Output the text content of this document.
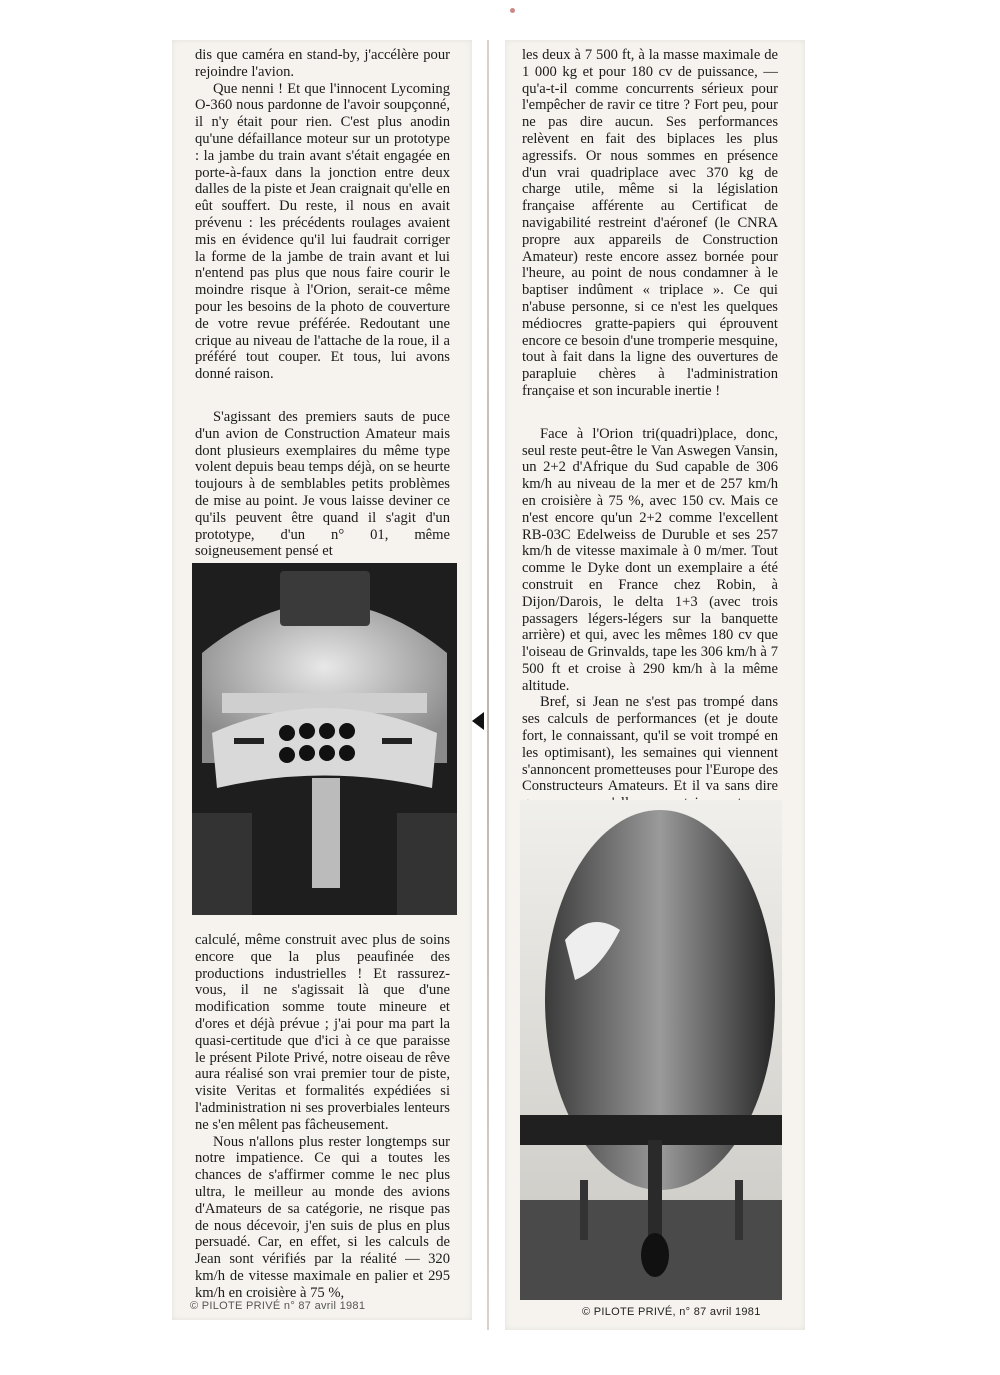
dis que caméra en stand-by, j'accélère pour rejoindre l'avion.

Que nenni ! Et que l'innocent Lycoming O-360 nous pardonne de l'avoir soupçonné, il n'y était pour rien. C'est plus anodin qu'une défaillance moteur sur un prototype : la jambe du train avant s'était engagée en porte-à-faux dans la jonction entre deux dalles de la piste et Jean craignait qu'elle en eût souffert. Du reste, il nous en avait prévenu : les précédents roulages avaient mis en évidence qu'il lui faudrait corriger la forme de la jambe de train avant et lui n'entend pas plus que nous faire courir le moindre risque à l'Orion, serait-ce même pour les besoins de la photo de couverture de votre revue préférée. Redoutant une crique au niveau de l'attache de la roue, il a préféré tout couper. Et tous, lui avons donné raison.

S'agissant des premiers sauts de puce d'un avion de Construction Amateur mais dont plusieurs exemplaires du même type volent depuis beau temps déjà, on se heurte toujours à de semblables petits problèmes de mise au point. Je vous laisse deviner ce qu'ils peuvent être quand il s'agit d'un prototype, d'un n° 01, même soigneusement pensé et

calculé, même construit avec plus de soins encore que la plus peaufinée des productions industrielles ! Et rassurez-vous, il ne s'agissait là que d'une modification somme toute mineure et d'ores et déjà prévue ; j'ai pour ma part la quasi-certitude que d'ici à ce que paraisse le présent Pilote Privé, notre oiseau de rêve aura réalisé son vrai premier tour de piste, visite Veritas et formalités expédiées si l'administration ni ses proverbiales lenteurs ne s'en mêlent pas fâcheusement.

Nous n'allons plus rester longtemps sur notre impatience. Ce qui a toutes les chances de s'affirmer comme le nec plus ultra, le meilleur au monde des avions d'Amateurs de sa catégorie, ne risque pas de nous décevoir, j'en suis de plus en plus persuadé. Car, en effet, si les calculs de Jean sont vérifiés par la réalité — 320 km/h de vitesse maximale en palier et 295 km/h en croisière à 75 %,

les deux à 7 500 ft, à la masse maximale de 1 000 kg et pour 180 cv de puissance, — qu'a-t-il comme concurrents sérieux pour l'empêcher de ravir ce titre ? Fort peu, pour ne pas dire aucun. Ses performances relèvent en fait des biplaces les plus agressifs. Or nous sommes en présence d'un vrai quadriplace avec 370 kg de charge utile, même si la législation française afférente au Certificat de navigabilité restreint d'aéronef (le CNRA propre aux appareils de Construction Amateur) reste encore assez bornée pour l'heure, au point de nous condamner à le baptiser indûment « triplace ». Ce qui n'abuse personne, si ce n'est les quelques médiocres gratte-papiers qui éprouvent encore ce besoin d'une tromperie mesquine, tout à fait dans la ligne des ouvertures de parapluie chères à l'administration française et son incurable inertie !

Face à l'Orion tri(quadri)place, donc, seul reste peut-être le Van Aswegen Vansin, un 2+2 d'Afrique du Sud capable de 306 km/h au niveau de la mer et de 257 km/h en croisière à 75 %, avec 150 cv. Mais ce n'est encore qu'un 2+2 comme l'excellent RB-03C Edelweiss de Duruble et ses 257 km/h de vitesse maximale à 0 m/mer. Tout comme le Dyke dont un exemplaire a été construit en France chez Robin, à Dijon/Darois, le delta 1+3 (avec trois passagers légers-légers sur la banquette arrière) et qui, avec les mêmes 180 cv que l'oiseau de Grinvalds, tape les 306 km/h à 7 500 ft et croise à 290 km/h à la même altitude.

Bref, si Jean ne s'est pas trompé dans ses calculs de performances (et je doute fort, le connaissant, qu'il se voit trompé en les optimisant), les semaines qui viennent s'annoncent prometteuses pour l'Europe des Constructeurs Amateurs. Et il va sans dire

© PILOTE PRIVÉ n° 87 avril 1981	© PILOTE PRIVÉ, n° 87 avril 1981
